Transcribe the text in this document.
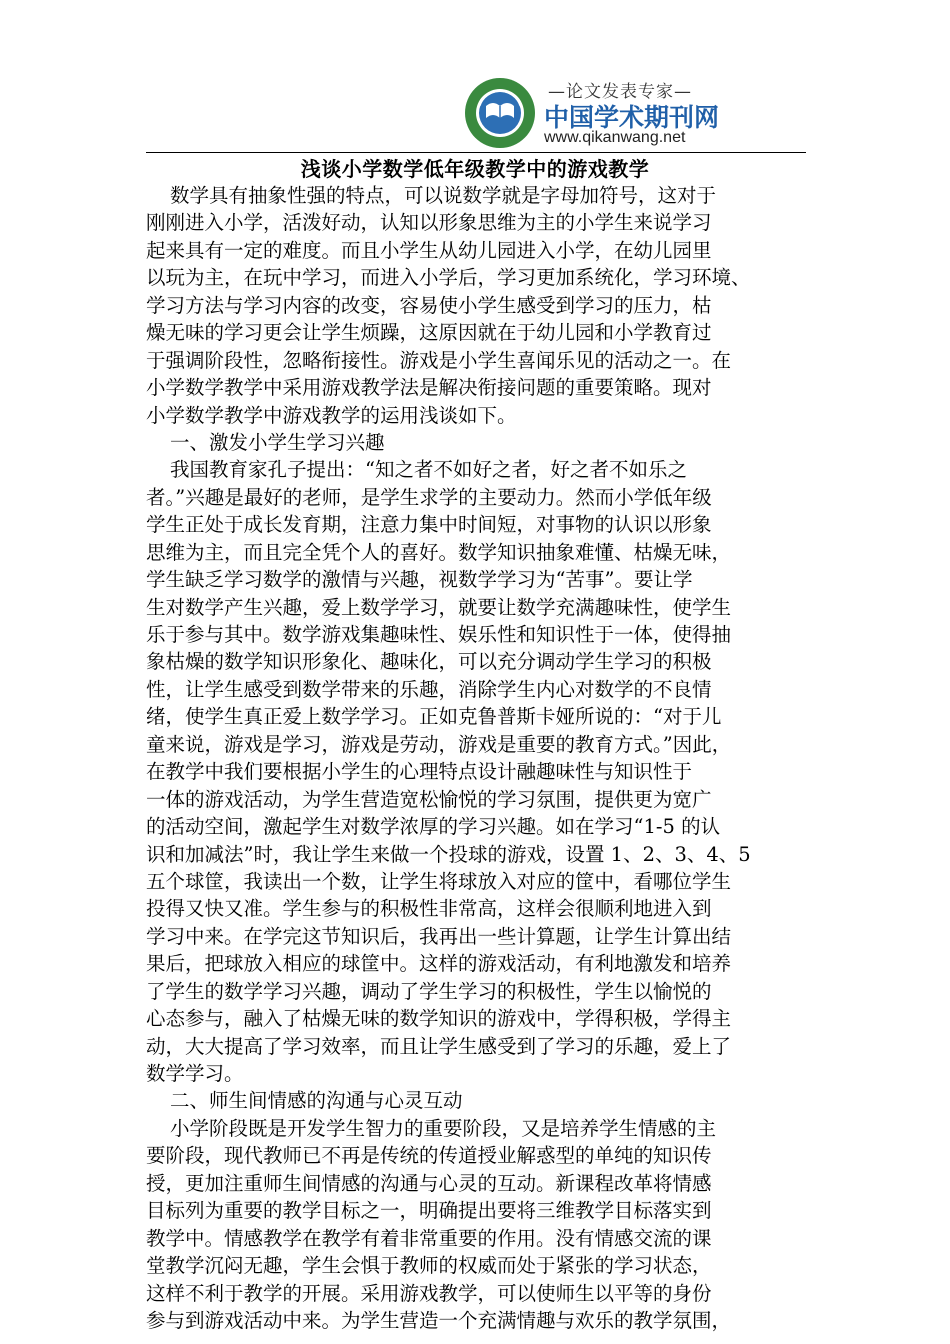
—论文发表专家—
中国学术期刊网
www.qikanwang.net
浅谈小学数学低年级教学中的游戏教学
数学具有抽象性强的特点，可以说数学就是字母加符号，这对于
刚刚进入小学，活泼好动，认知以形象思维为主的小学生来说学习
起来具有一定的难度。而且小学生从幼儿园进入小学，在幼儿园里
以玩为主，在玩中学习，而进入小学后，学习更加系统化，学习环境、
学习方法与学习内容的改变，容易使小学生感受到学习的压力，枯
燥无味的学习更会让学生烦躁，这原因就在于幼儿园和小学教育过
于强调阶段性，忽略衔接性。游戏是小学生喜闻乐见的活动之一。在
小学数学教学中采用游戏教学法是解决衔接问题的重要策略。现对
小学数学教学中游戏教学的运用浅谈如下。
一、激发小学生学习兴趣
我国教育家孔子提出：“知之者不如好之者，好之者不如乐之
者。”兴趣是最好的老师，是学生求学的主要动力。然而小学低年级
学生正处于成长发育期，注意力集中时间短，对事物的认识以形象
思维为主，而且完全凭个人的喜好。数学知识抽象难懂、枯燥无味，
学生缺乏学习数学的激情与兴趣，视数学学习为“苦事”。要让学
生对数学产生兴趣，爱上数学学习，就要让数学充满趣味性，使学生
乐于参与其中。数学游戏集趣味性、娱乐性和知识性于一体，使得抽
象枯燥的数学知识形象化、趣味化，可以充分调动学生学习的积极
性，让学生感受到数学带来的乐趣，消除学生内心对数学的不良情
绪，使学生真正爱上数学学习。正如克鲁普斯卡娅所说的：“对于儿
童来说，游戏是学习，游戏是劳动，游戏是重要的教育方式。”因此，
在教学中我们要根据小学生的心理特点设计融趣味性与知识性于
一体的游戏活动，为学生营造宽松愉悦的学习氛围，提供更为宽广
的活动空间，激起学生对数学浓厚的学习兴趣。如在学习“1-5 的认
识和加减法”时，我让学生来做一个投球的游戏，设置 1、2、3、4、5
五个球筐，我读出一个数，让学生将球放入对应的筐中，看哪位学生
投得又快又准。学生参与的积极性非常高，这样会很顺利地进入到
学习中来。在学完这节知识后，我再出一些计算题，让学生计算出结
果后，把球放入相应的球筐中。这样的游戏活动，有利地激发和培养
了学生的数学学习兴趣，调动了学生学习的积极性，学生以愉悦的
心态参与，融入了枯燥无味的数学知识的游戏中，学得积极，学得主
动，大大提高了学习效率，而且让学生感受到了学习的乐趣，爱上了
数学学习。
二、师生间情感的沟通与心灵互动
小学阶段既是开发学生智力的重要阶段，又是培养学生情感的主
要阶段，现代教师已不再是传统的传道授业解惑型的单纯的知识传
授，更加注重师生间情感的沟通与心灵的互动。新课程改革将情感
目标列为重要的教学目标之一，明确提出要将三维教学目标落实到
教学中。情感教学在教学有着非常重要的作用。没有情感交流的课
堂教学沉闷无趣，学生会惧于教师的权威而处于紧张的学习状态，
这样不利于教学的开展。采用游戏教学，可以使师生以平等的身份
参与到游戏活动中来。为学生营造一个充满情趣与欢乐的教学氛围，
